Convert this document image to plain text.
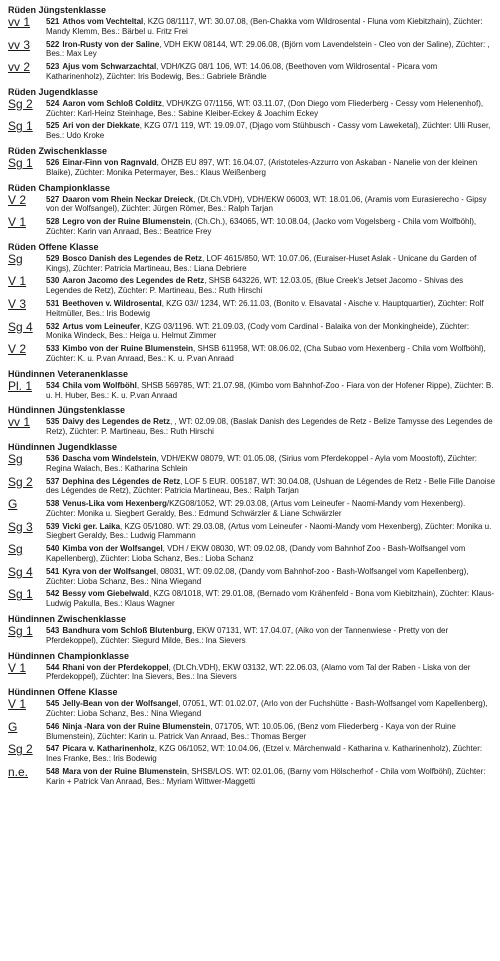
Rüden Jüngstenklasse
vv 1	521 Athos vom Vechteltal, KZG 08/1117, WT: 30.07.08, (Ben-Chakka vom Wildrosental - Fluna vom Kiebitzhain), Züchter: Mandy Klemm, Bes.: Bärbel u. Fritz Frei
vv 3	522 Iron-Rusty von der Saline, VDH EKW 08144, WT: 29.06.08, (Björn vom Lavendelstein - Cleo von der Saline), Züchter: , Bes.: Max Ley
vv 2	523 Ajus vom Schwarzachtal, VDH/KZG 08/1 106, WT: 14.06.08, (Beethoven vom Wildrosental - Picara vom Katharinenholz), Züchter: Iris Bodewig, Bes.: Gabriele Brändle
Rüden Jugendklasse
Sg 2	524 Aaron vom Schloß Colditz, VDH/KZG 07/1156, WT: 03.11.07, (Don Diego vom Fliederberg - Cessy vom Helenenhof), Züchter: Karl-Heinz Steinhage, Bes.: Sabine Kleiber-Eckey & Joachim Eckey
Sg 1	525 Ari von der Diekkate, KZG 07/1 119, WT: 19.09.07, (Djago vom Stühbusch - Cassy vom Laweketal), Züchter: Ulli Ruser, Bes.: Udo Kroke
Rüden Zwischenklasse
Sg 1	526 Einar-Finn von Ragnvald, ÖHZB EU 897, WT: 16.04.07, (Aristoteles-Azzurro von Askaban - Nanelie von der kleinen Blaike), Züchter: Monika Petermayer, Bes.: Klaus Weißenberg
Rüden Championklasse
V 2	527 Daaron vom Rhein Neckar Dreieck, (Dt.Ch.VDH), VDH/EKW 06003, WT: 18.01.06, (Aramis vom Eurasierecho - Gipsy von der Wolfsangel), Züchter: Jürgen Römer, Bes.: Ralph Tarjan
V 1	528 Legro von der Ruine Blumenstein, (Ch.Ch.), 634065, WT: 10.08.04, (Jacko vom Vogelsberg - Chila vom Wolfböhl), Züchter: Karin van Anraad, Bes.: Beatrice Frey
Rüden Offene Klasse
Sg	529 Bosco Danish des Legendes de Retz, LOF 4615/850, WT: 10.07.06, (Euraiser-Huset Aslak - Unicane du Garden of Kings), Züchter: Patricia Martineau, Bes.: Liana Debriere
V 1	530 Aaron Jacomo des Legendes de Retz, SHSB 643226, WT: 12.03.05, (Blue Creek's Jetset Jacomo - Shivas des Legendes de Retz), Züchter: P. Martineau, Bes.: Ruth Hirschi
V 3	531 Beethoven v. Wildrosental, KZG 03// 1234, WT: 26.11.03, (Bonito v. Elsavatal - Aische v. Hauptquartier), Züchter: Rolf Heitmüller, Bes.: Iris Bodewig
Sg 4	532 Artus vom Leineufer, KZG 03/1196. WT: 21.09.03, (Cody vom Cardinal - Balaika von der Monkingheide), Züchter: Monika Windeck, Bes.: Heiga u. Helmut Zimmer
V 2	533 Kimbo von der Ruine Blumenstein, SHSB 611958, WT: 08.06.02, (Cha Subao vom Hexenberg - Chila vom Wolfböhl), Züchter: K. u. P.van Anraad, Bes.: K. u. P.van Anraad
Hündinnen Veteranenklasse
Pl. 1	534 Chila vom Wolfböhl, SHSB 569785, WT: 21.07.98, (Kimbo vom Bahnhof-Zoo - Fiara von der Hofener Rippe), Züchter: B. u. H. Huber, Bes.: K. u. P.van Anraad
Hündinnen Jüngstenklasse
vv 1	535 Daivy des Legendes de Retz, , WT: 02.09.08, (Baslak Danish des Legendes de Retz - Belize Tamysse des Legendes de Retz), Züchter: P. Martineau, Bes.: Ruth Hirschi
Hündinnen Jugendklasse
Sg	536 Dascha vom Windelstein, VDH/EKW 08079, WT: 01.05.08, (Sirius vom Pferdekoppel - Ayla vom Moostoft), Züchter: Regina Walach, Bes.: Katharina Schlein
Sg 2	537 Dephina des Légendes de Retz, LOF 5 EUR. 005187, WT: 30.04.08, (Ushuan de Légendes de Retz - Belle Fille Danoise des Légendes de Retz), Züchter: Patricia Martineau, Bes.: Ralph Tarjan
G	538 Venus-Lika vom Hexenberg/KZG08/1052, WT: 29.03.08, (Artus vom Leineufer - Naomi-Mandy vom Hexenberg). Züchter: Monika u. Siegbert Geraldy, Bes.: Edmund Schwärzler & Liane Schwärzler
Sg 3	539 Vicki ger. Laika, KZG 05/1080. WT: 29.03.08, (Artus vom Leineufer - Naomi-Mandy vom Hexenberg), Züchter: Monika u. Siegbert Geraldy, Bes.: Ludwig Flammann
Sg	540 Kimba von der Wolfsangel, VDH / EKW 08030, WT: 09.02.08, (Dandy vom Bahnhof Zoo - Bash-Wolfsangel vom Kapellenberg), Züchter: Lioba Schanz, Bes.: Lioba Schanz
Sg 4	541 Kyra von der Wolfsangel, 08031, WT: 09.02.08, (Dandy vom Bahnhof-zoo - Bash-Wolfsangel vom Kapellenberg), Züchter: Lioba Schanz, Bes.: Nina Wiegand
Sg 1	542 Bessy vom Giebelwald, KZG 08/1018, WT: 29.01.08, (Bernado vom Krähenfeld - Bona vom Kiebitzhain), Züchter: Klaus-Ludwig Pakulla, Bes.: Klaus Wagner
Hündinnen Zwischenklasse
Sg 1	543 Bandhura vom Schloß Blutenburg, EKW 07131, WT: 17.04.07, (Aiko von der Tannenwiese - Pretty von der Pferdekoppel), Züchter: Siegurd Milde, Bes.: Ina Sievers
Hündinnen Championklasse
V 1	544 Rhani von der Pferdekoppel, (Dt.Ch.VDH), EKW 03132, WT: 22.06.03, (Alamo vom Tal der Raben - Liska von der Pferdekoppel), Züchter: Ina Sievers, Bes.: Ina Sievers
Hündinnen Offene Klasse
V 1	545 Jelly-Bean von der Wolfsangel, 07051, WT: 01.02.07, (Arlo von der Fuchshütte - Bash-Wolfsangel vom Kapellenberg), Züchter: Lioba Schanz, Bes.: Nina Wiegand
G	546 Ninja -Nara von der Ruine Blumenstein, 071705, WT: 10.05.06, (Benz vom Fliederberg - Kaya von der Ruine Blumenstein), Züchter: Karin u. Patrick Van Anraad, Bes.: Thomas Berger
Sg 2	547 Picara v. Katharinenholz, KZG 06/1052, WT: 10.04.06, (Etzel v. Märchenwald - Katharina v. Katharinenholz), Züchter: Ines Franke, Bes.: Iris Bodewig
n.e.	548 Mara von der Ruine Blumenstein, SHSB/LOS. WT: 02.01.06, (Barny vom Hölscherhof - Chila vom Wolfböhl), Züchter: Karin + Patrick Van Anraad, Bes.: Myriam Wittwer-Maggetti
